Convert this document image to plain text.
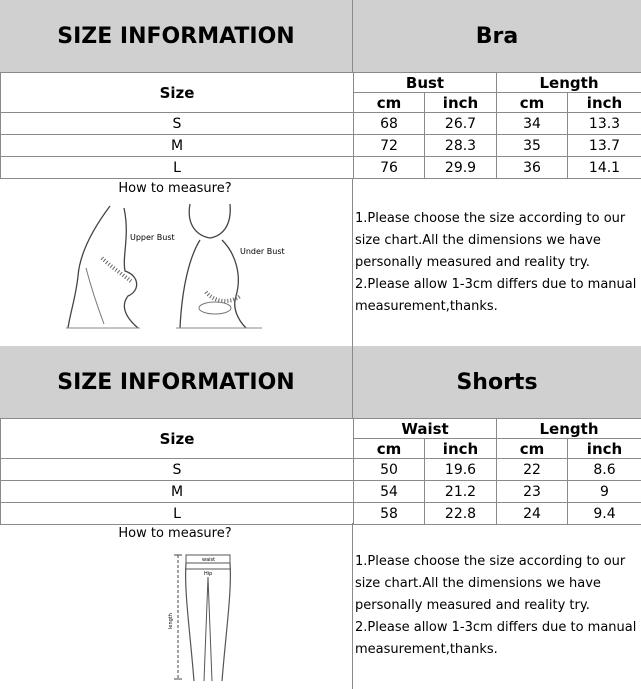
SIZE INFORMATION	Bra
Size	Bust		Length	
	cm	inch	cm	inch
S	68	26.7	34	13.3
M	72	28.3	35	13.7
L	76	29.9	36	14.1
How to measure?
Upper Bust
Under Bust

1.Please choose the size according to our size chart.All the dimensions we have personally measured and reality try.

2.Please allow 1-3cm differs due to manual measurement,thanks.

SIZE INFORMATION	Shorts
Size	Waist		Length	
	cm	inch	cm	inch
S	50	19.6	22	8.6
M	54	21.2	23	9
L	58	22.8	24	9.4
How to measure?
waist
Hip
length

1.Please choose the size according to our size chart.All the dimensions we have personally measured and reality try.

2.Please allow 1-3cm differs due to manual measurement,thanks.
